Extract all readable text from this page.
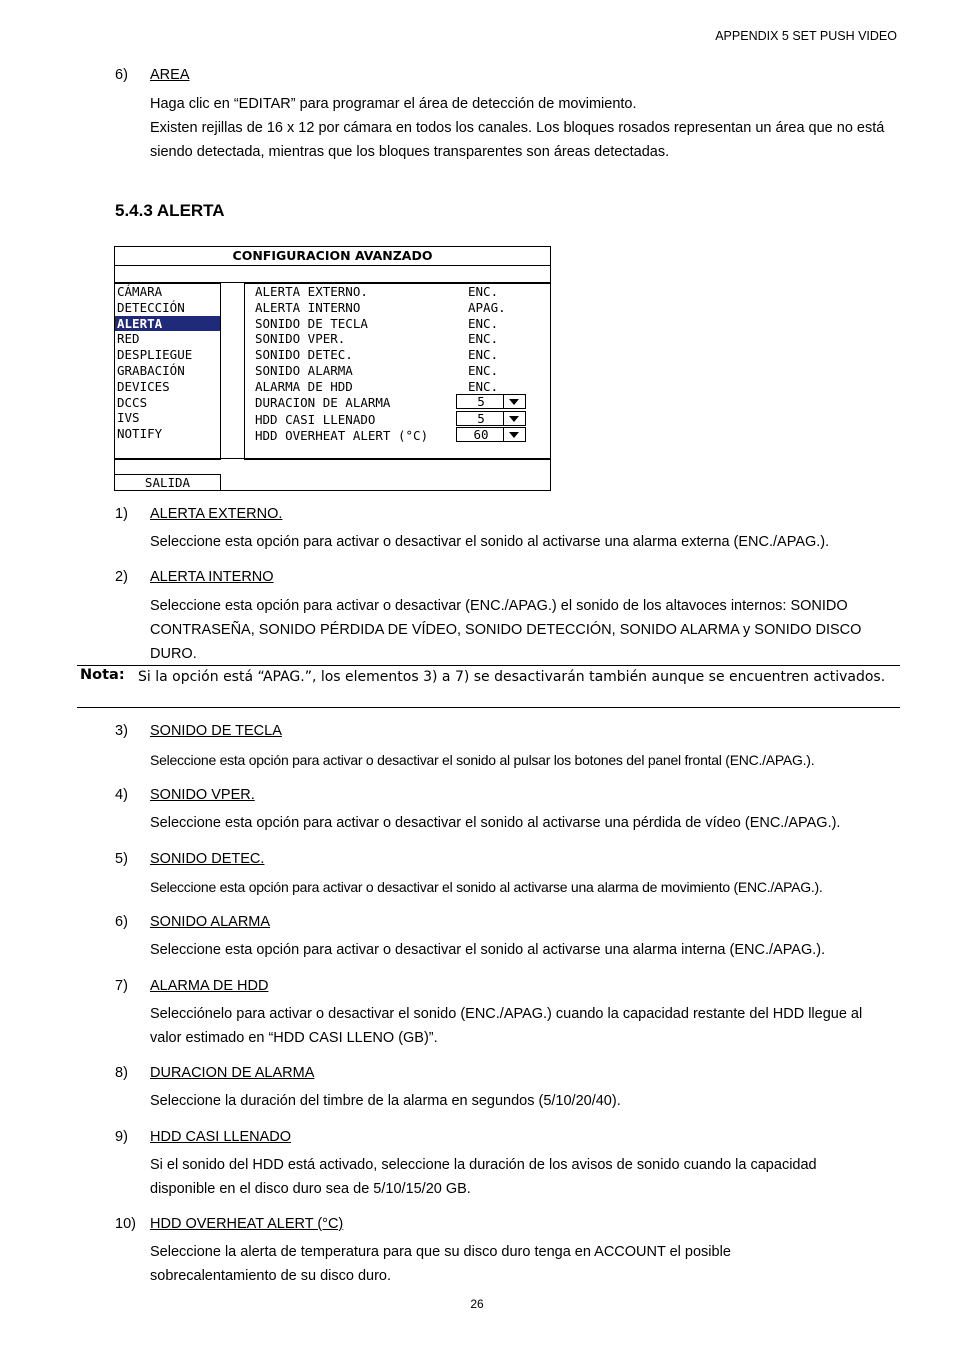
APPENDIX 5 SET PUSH VIDEO
6) AREA
Haga clic en “EDITAR” para programar el área de detección de movimiento.
Existen rejillas de 16 x 12 por cámara en todos los canales. Los bloques rosados representan un área que no está siendo detectada, mientras que los bloques transparentes son áreas detectadas.
5.4.3 ALERTA
CONFIGURACION AVANZADO
CÁMARA
DETECCIÓN
ALERTA
RED
DESPLIEGUE
GRABACIÓN
DEVICES
DCCS
IVS
NOTIFY
ALERTA EXTERNO.	ENC.
ALERTA INTERNO	APAG.
SONIDO DE TECLA	ENC.
SONIDO VPER.	ENC.
SONIDO DETEC.	ENC.
SONIDO ALARMA	ENC.
ALARMA DE HDD	ENC.
DURACION DE ALARMA	5
HDD CASI LLENADO	5
HDD OVERHEAT ALERT (°C)	60
SALIDA
1) ALERTA EXTERNO.
Seleccione esta opción para activar o desactivar el sonido al activarse una alarma externa (ENC./APAG.).
2) ALERTA INTERNO
Seleccione esta opción para activar o desactivar (ENC./APAG.) el sonido de los altavoces internos: SONIDO CONTRASEÑA, SONIDO PÉRDIDA DE VÍDEO, SONIDO DETECCIÓN, SONIDO ALARMA y SONIDO DISCO DURO.
Nota: Si la opción está “APAG.”, los elementos 3) a 7) se desactivarán también aunque se encuentren activados.
3) SONIDO DE TECLA
Seleccione esta opción para activar o desactivar el sonido al pulsar los botones del panel frontal (ENC./APAG.).
4) SONIDO VPER.
Seleccione esta opción para activar o desactivar el sonido al activarse una pérdida de vídeo (ENC./APAG.).
5) SONIDO DETEC.
Seleccione esta opción para activar o desactivar el sonido al activarse una alarma de movimiento (ENC./APAG.).
6) SONIDO ALARMA
Seleccione esta opción para activar o desactivar el sonido al activarse una alarma interna (ENC./APAG.).
7) ALARMA DE HDD
Selecciónelo para activar o desactivar el sonido (ENC./APAG.) cuando la capacidad restante del HDD llegue al valor estimado en “HDD CASI LLENO (GB)”.
8) DURACION DE ALARMA
Seleccione la duración del timbre de la alarma en segundos (5/10/20/40).
9) HDD CASI LLENADO
Si el sonido del HDD está activado, seleccione la duración de los avisos de sonido cuando la capacidad disponible en el disco duro sea de 5/10/15/20 GB.
10) HDD OVERHEAT ALERT (°C)
Seleccione la alerta de temperatura para que su disco duro tenga en ACCOUNT el posible sobrecalentamiento de su disco duro.
26
